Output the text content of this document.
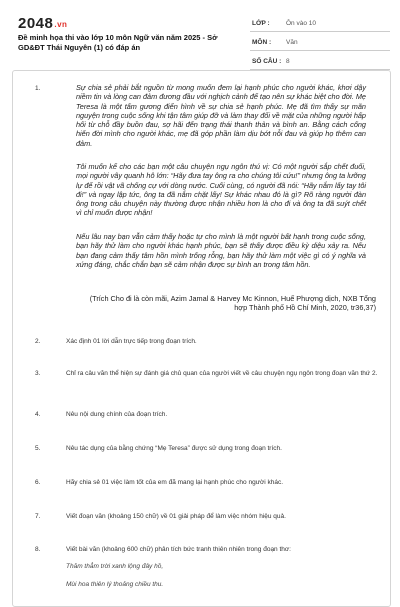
2048.vn
Đề minh họa thi vào lớp 10 môn Ngữ văn năm 2025 - Sở GD&ĐT Thái Nguyên (1) có đáp án
LỚP :	Ôn vào 10
MÔN : Văn
SỐ CÂU : 8
1.	Sự chia sẻ phải bắt nguồn từ mong muốn đem lại hạnh phúc cho người khác, khơi dậy niềm tin và lòng can đảm đương đầu với nghịch cảnh để tạo nên sự khác biệt cho đời. Mẹ Teresa là một tấm gương điển hình về sự chia sẻ hạnh phúc. Mẹ đã tìm thấy sự mãn nguyện trong cuộc sống khi tận tâm giúp đỡ và làm thay đổi về mặt của những người hấp hối từ chỗ đầy buồn đau, sợ hãi đến trạng thái thanh thản và bình an. Bằng cách cống hiến đời mình cho người khác, mẹ đã góp phần làm dịu bớt nỗi đau và giúp họ thêm can đảm.

Tôi muốn kể cho các bạn một câu chuyện ngụ ngôn thú vị: Có một người sắp chết đuối, mọi người vây quanh hô lớn: “Hãy đưa tay ông ra cho chúng tôi cứu!” nhưng ông ta lưỡng lự để rồi vật vã chống cự với dòng nước. Cuối cùng, có người đã nói: “Hãy nắm lấy tay tôi đi!” và ngay lập tức, ông ta đã nắm chặt lấy! Sự khác nhau đó là gì? Rõ ràng người đàn ông trong câu chuyện này thường được nhận nhiều hơn là cho đi và ông ta đã suýt chết vì chỉ muốn được nhận!

Nếu lâu nay bạn vẫn cảm thấy hoặc tự cho mình là một người bất hạnh trong cuộc sống, bạn hãy thử làm cho người khác hạnh phúc, bạn sẽ thấy được điều kỳ diệu xảy ra. Nếu bạn đang cảm thấy tâm hồn mình trống rỗng, bạn hãy thử làm một việc gì có ý nghĩa và xứng đáng, chắc chắn bạn sẽ cảm nhận được sự bình an trong tâm hồn.

(Trích Cho đi là còn mãi, Azim Jamal & Harvey Mc Kinnon, Huế Phượng dịch, NXB Tổng hợp Thành phố Hồ Chí Minh, 2020, tr36,37)

2.	Xác định 01 lời dẫn trực tiếp trong đoạn trích.
3.	Chỉ ra câu văn thể hiện sự đánh giá chủ quan của người viết về câu chuyện ngụ ngôn trong đoạn văn thứ 2.
4.	Nêu nội dung chính của đoạn trích.
5.	Nêu tác dụng của bằng chứng “Mẹ Teresa” được sử dụng trong đoạn trích.
6.	Hãy chia sẻ 01 việc làm tốt của em đã mang lại hạnh phúc cho người khác.
7.	Viết đoạn văn (khoảng 150 chữ) về 01 giải pháp để làm việc nhóm hiệu quả.
8.	Viết bài văn (khoảng 600 chữ) phân tích bức tranh thiên nhiên trong đoạn thơ:
Thăm thẳm trời xanh lộng đây hồ,
Mùi hoa thiên lý thoảng chiều thu.
